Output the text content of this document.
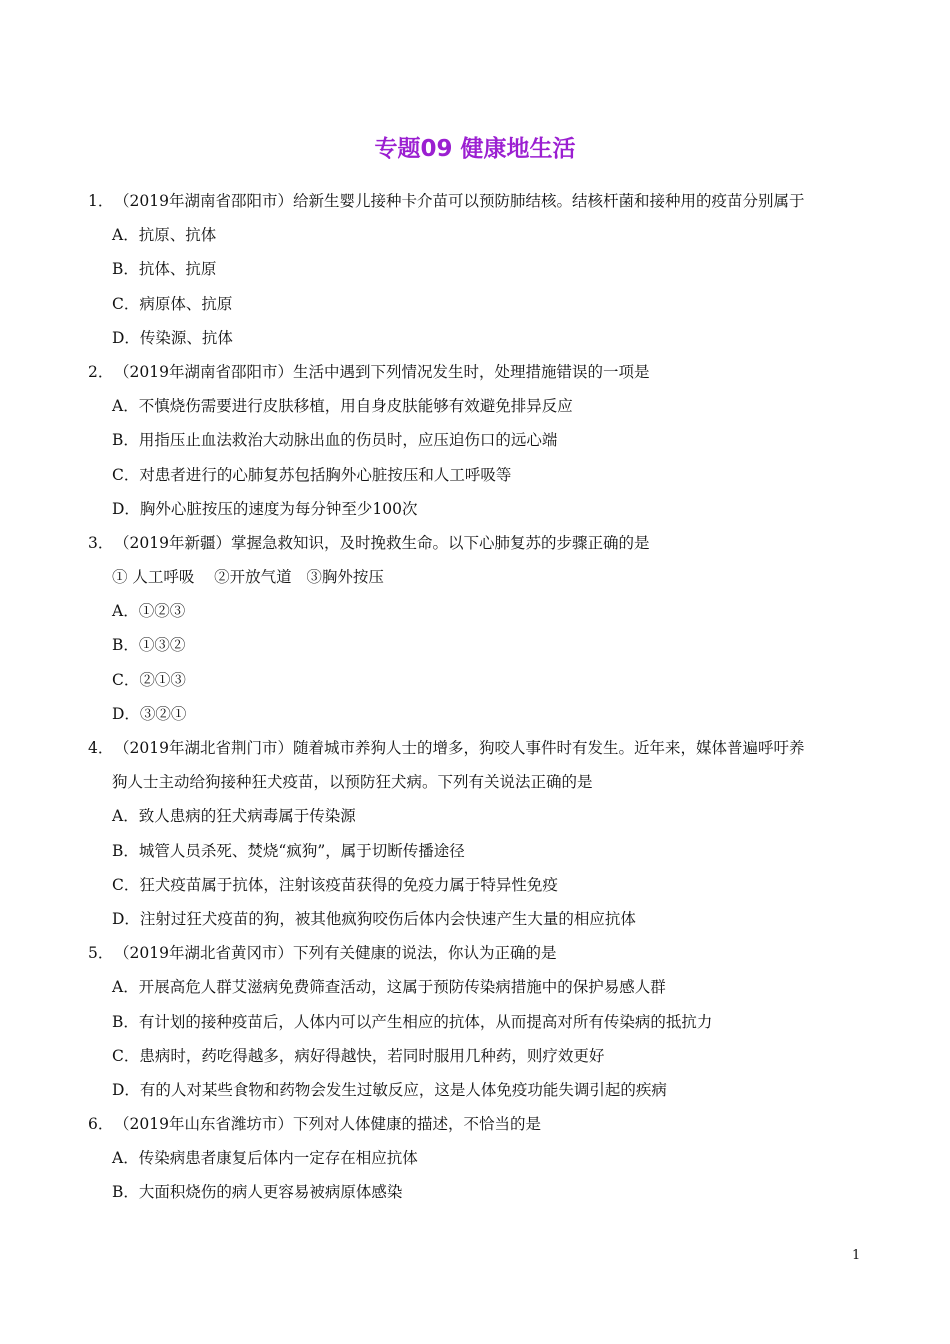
专题09 健康地生活
1．（2019年湖南省邵阳市）给新生婴儿接种卡介苗可以预防肺结核。结核杆菌和接种用的疫苗分别属于
A．抗原、抗体
B．抗体、抗原
C．病原体、抗原
D．传染源、抗体
2．（2019年湖南省邵阳市）生活中遇到下列情况发生时，处理措施错误的一项是
A．不慎烧伤需要进行皮肤移植，用自身皮肤能够有效避免排异反应
B．用指压止血法救治大动脉出血的伤员时，应压迫伤口的远心端
C．对患者进行的心肺复苏包括胸外心脏按压和人工呼吸等
D．胸外心脏按压的速度为每分钟至少100次
3．（2019年新疆）掌握急救知识，及时挽救生命。以下心肺复苏的步骤正确的是
① 人工呼吸    ②开放气道   ③胸外按压
A．①②③
B．①③②
C．②①③
D．③②①
4．（2019年湖北省荆门市）随着城市养狗人士的增多，狗咬人事件时有发生。近年来，媒体普遍呼吁养
狗人士主动给狗接种狂犬疫苗，以预防狂犬病。下列有关说法正确的是
A．致人患病的狂犬病毒属于传染源
B．城管人员杀死、焚烧“疯狗”，属于切断传播途径
C．狂犬疫苗属于抗体，注射该疫苗获得的免疫力属于特异性免疫
D．注射过狂犬疫苗的狗，被其他疯狗咬伤后体内会快速产生大量的相应抗体
5．（2019年湖北省黄冈市）下列有关健康的说法，你认为正确的是
A．开展高危人群艾滋病免费筛查活动，这属于预防传染病措施中的保护易感人群
B．有计划的接种疫苗后，人体内可以产生相应的抗体，从而提高对所有传染病的抵抗力
C．患病时，药吃得越多，病好得越快，若同时服用几种药，则疗效更好
D．有的人对某些食物和药物会发生过敏反应，这是人体免疫功能失调引起的疾病
6．（2019年山东省潍坊市）下列对人体健康的描述，不恰当的是
A．传染病患者康复后体内一定存在相应抗体
B．大面积烧伤的病人更容易被病原体感染
1
